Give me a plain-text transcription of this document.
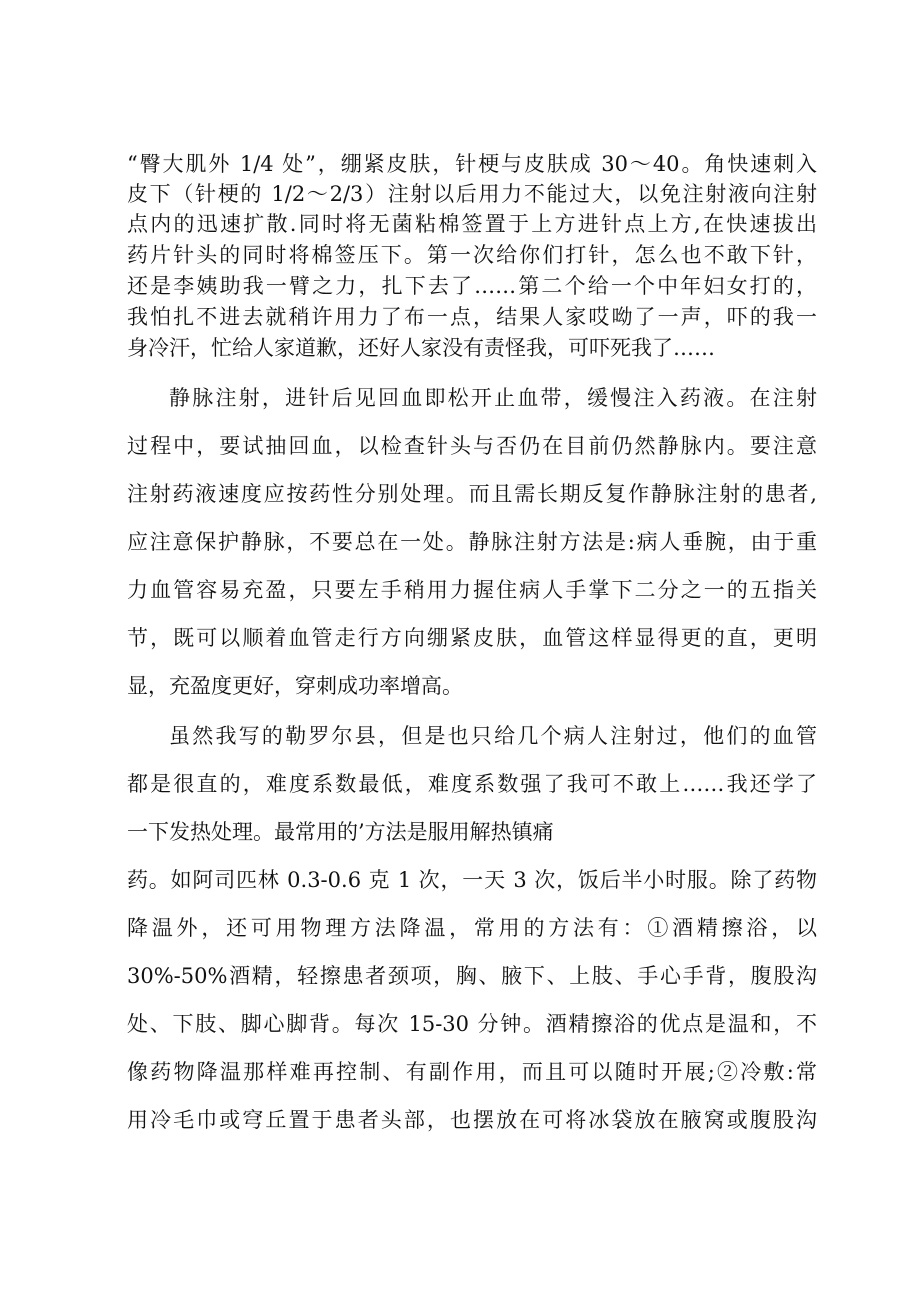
“臀大肌外 1/4 处”，绷紧皮肤，针梗与皮肤成 30～40。角快速刺入
皮下（针梗的 1/2～2/3）注射以后用力不能过大，以免注射液向注射
点内的迅速扩散.同时将无菌粘棉签置于上方进针点上方,在快速拔出
药片针头的同时将棉签压下。第一次给你们打针，怎么也不敢下针，
还是李姨助我一臂之力，扎下去了……第二个给一个中年妇女打的，
我怕扎不进去就稍许用力了布一点，结果人家哎呦了一声，吓的我一
身冷汗，忙给人家道歉，还好人家没有责怪我，可吓死我了……
静脉注射，进针后见回血即松开止血带，缓慢注入药液。在注射
过程中，要试抽回血，以检查针头与否仍在目前仍然静脉内。要注意
注射药液速度应按药性分别处理。而且需长期反复作静脉注射的患者,
应注意保护静脉，不要总在一处。静脉注射方法是:病人垂腕，由于重
力血管容易充盈，只要左手稍用力握住病人手掌下二分之一的五指关
节，既可以顺着血管走行方向绷紧皮肤，血管这样显得更的直，更明
显，充盈度更好，穿刺成功率增高。
虽然我写的勒罗尔县，但是也只给几个病人注射过，他们的血管
都是很直的，难度系数最低，难度系数强了我可不敢上……我还学了
一下发热处理。最常用的’方法是服用解热镇痛
药。如阿司匹林 0.3-0.6 克 1 次，一天 3 次，饭后半小时服。除了药物
降温外，还可用物理方法降温，常用的方法有：①酒精擦浴，以
30%-50%酒精，轻擦患者颈项，胸、腋下、上肢、手心手背，腹股沟
处、下肢、脚心脚背。每次 15-30 分钟。酒精擦浴的优点是温和，不
像药物降温那样难再控制、有副作用，而且可以随时开展;②冷敷:常
用冷毛巾或穹丘置于患者头部，也摆放在可将冰袋放在腋窝或腹股沟
